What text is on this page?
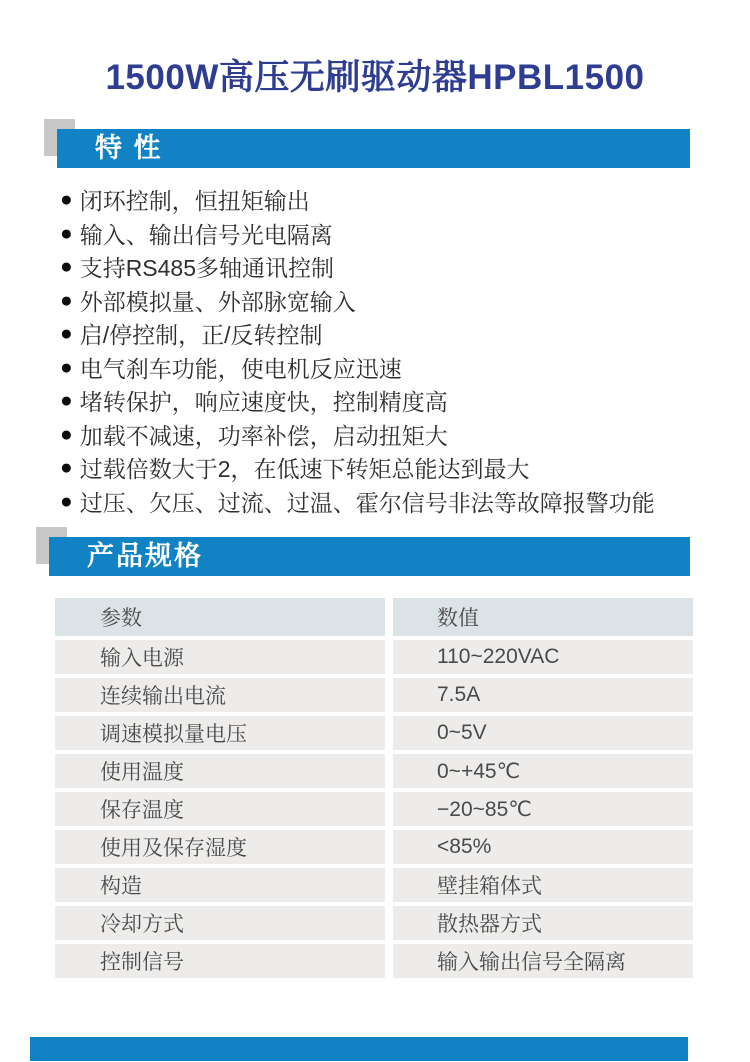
1500W高压无刷驱动器HPBL1500
特 性
● 闭环控制，恒扭矩输出
● 输入、输出信号光电隔离
● 支持RS485多轴通讯控制
● 外部模拟量、外部脉宽输入
● 启/停控制，正/反转控制
● 电气刹车功能，使电机反应迅速
● 堵转保护，响应速度快，控制精度高
● 加载不减速，功率补偿，启动扭矩大
● 过载倍数大于2，在低速下转矩总能达到最大
● 过压、欠压、过流、过温、霍尔信号非法等故障报警功能
产品规格
参数	数值
输入电源	110~220VAC
连续输出电流	7.5A
调速模拟量电压	0~5V
使用温度	0~+45℃
保存温度	−20~85℃
使用及保存湿度	<85%
构造	壁挂箱体式
冷却方式	散热器方式
控制信号	输入输出信号全隔离
